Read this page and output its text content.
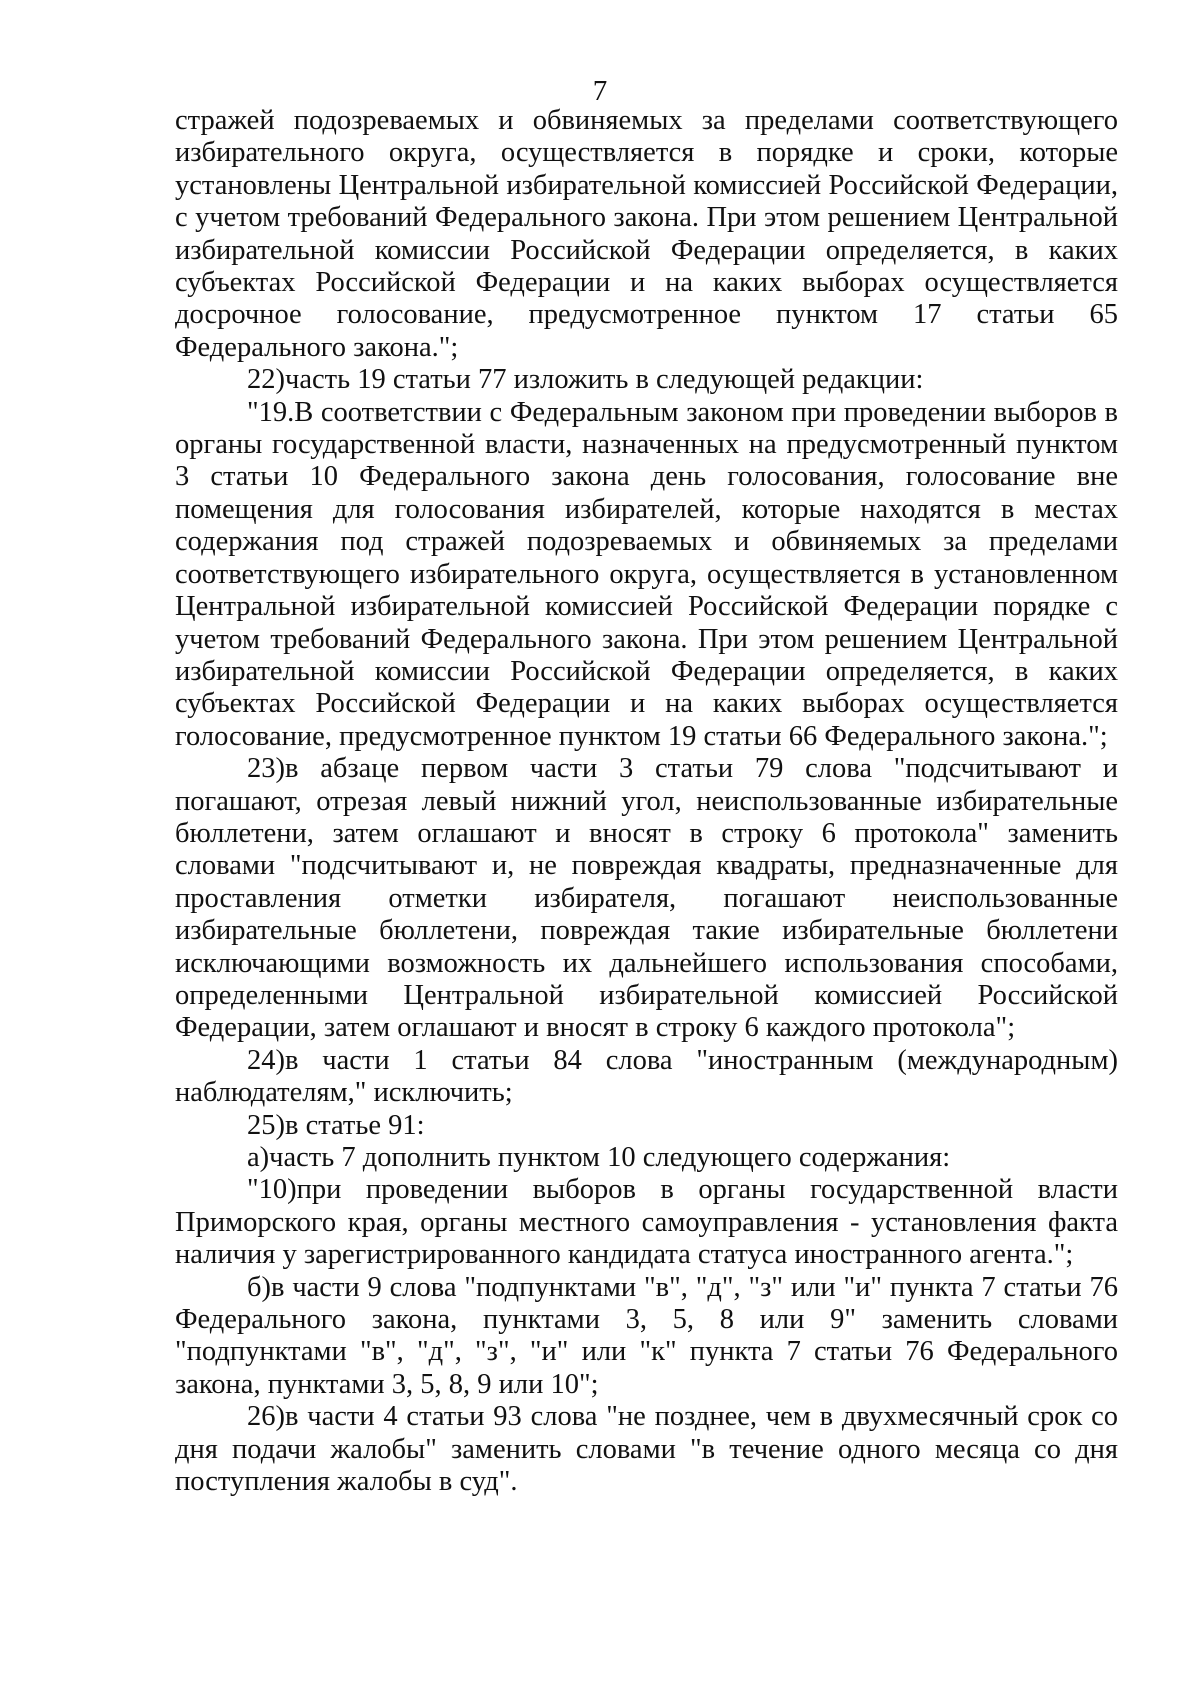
7

стражей подозреваемых и обвиняемых за пределами соответствующего избирательного округа, осуществляется в порядке и сроки, которые установлены Центральной избирательной комиссией Российской Федерации, с учетом требований Федерального закона. При этом решением Центральной избирательной комиссии Российской Федерации определяется, в каких субъектах Российской Федерации и на каких выборах осуществляется досрочное голосование, предусмотренное пунктом 17 статьи 65 Федерального закона.";

22)часть 19 статьи 77 изложить в следующей редакции:

"19.В соответствии с Федеральным законом при проведении выборов в органы государственной власти, назначенных на предусмотренный пунктом 3 статьи 10 Федерального закона день голосования, голосование вне помещения для голосования избирателей, которые находятся в местах содержания под стражей подозреваемых и обвиняемых за пределами соответствующего избирательного округа, осуществляется в установленном Центральной избирательной комиссией Российской Федерации порядке с учетом требований Федерального закона. При этом решением Центральной избирательной комиссии Российской Федерации определяется, в каких субъектах Российской Федерации и на каких выборах осуществляется голосование, предусмотренное пунктом 19 статьи 66 Федерального закона.";

23)в абзаце первом части 3 статьи 79 слова "подсчитывают и погашают, отрезая левый нижний угол, неиспользованные избирательные бюллетени, затем оглашают и вносят в строку 6 протокола" заменить словами "подсчитывают и, не повреждая квадраты, предназначенные для проставления отметки избирателя, погашают неиспользованные избирательные бюллетени, повреждая такие избирательные бюллетени исключающими возможность их дальнейшего использования способами, определенными Центральной избирательной комиссией Российской Федерации, затем оглашают и вносят в строку 6 каждого протокола";

24)в части 1 статьи 84 слова "иностранным (международным) наблюдателям," исключить;

25)в статье 91:

а)часть 7 дополнить пунктом 10 следующего содержания:

"10)при проведении выборов в органы государственной власти Приморского края, органы местного самоуправления - установления факта наличия у зарегистрированного кандидата статуса иностранного агента.";

б)в части 9 слова "подпунктами "в", "д", "з" или "и" пункта 7 статьи 76 Федерального закона, пунктами 3, 5, 8 или 9" заменить словами "подпунктами "в", "д", "з", "и" или "к" пункта 7 статьи 76 Федерального закона, пунктами 3, 5, 8, 9 или 10";

26)в части 4 статьи 93 слова "не позднее, чем в двухмесячный срок со дня подачи жалобы" заменить словами "в течение одного месяца со дня поступления жалобы в суд".
